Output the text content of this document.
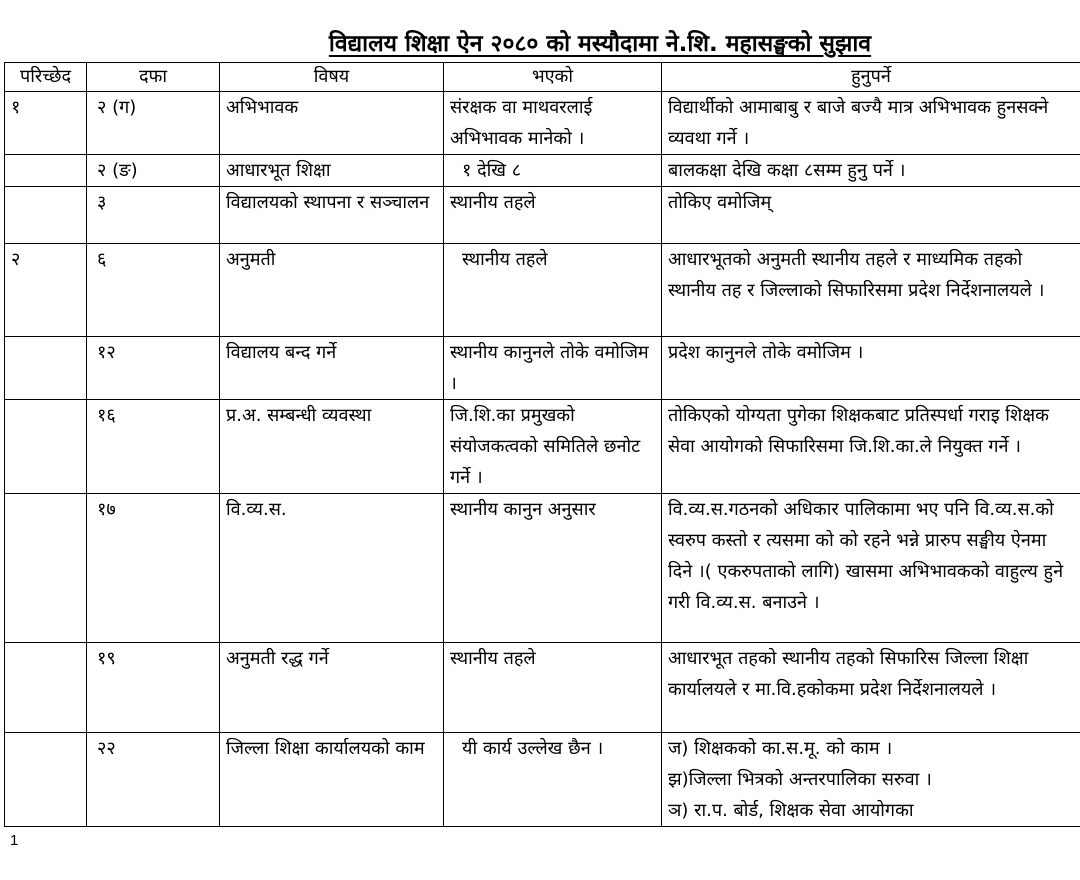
विद्यालय शिक्षा ऐन २०८० को मस्यौदामा ने.शि. महासङ्घको सुझाव
परिच्छेद	दफा	विषय	भएको	हुनुपर्ने
१	२ (ग)	अभिभावक	संरक्षक वा माथवरलाई अभिभावक मानेको ।	विद्यार्थीको आमाबाबु र बाजे बज्यै मात्र अभिभावक हुनसक्ने व्यवथा गर्ने ।
	२ (ङ)	आधारभूत शिक्षा	१ देखि ८	बालकक्षा देखि कक्षा ८सम्म हुनु पर्ने ।
	३	विद्यालयको स्थापना र सञ्चालन	स्थानीय तहले	तोकिए वमोजिम्
२	६	अनुमती	स्थानीय तहले	आधारभूतको अनुमती स्थानीय तहले र माध्यमिक तहको स्थानीय तह र जिल्लाको सिफारिसमा प्रदेश निर्देशनालयले ।
	१२	विद्यालय बन्द गर्ने	स्थानीय कानुनले तोके वमोजिम ।	प्रदेश कानुनले तोके वमोजिम ।
	१६	प्र.अ. सम्बन्धी व्यवस्था	जि.शि.का प्रमुखको संयोजकत्वको समितिले छनोट गर्ने ।	तोकिएको योग्यता पुगेका शिक्षकबाट प्रतिस्पर्धा गराइ शिक्षक सेवा आयोगको सिफारिसमा जि.शि.का.ले नियुक्त गर्ने ।
	१७	वि.व्य.स.	स्थानीय कानुन अनुसार	वि.व्य.स.गठनको अधिकार पालिकामा भए पनि वि.व्य.स.को स्वरुप कस्तो र त्यसमा को को रहने भन्ने प्रारुप सङ्घीय ऐनमा दिने ।( एकरुपताको लागि) खासमा अभिभावकको वाहुल्य हुने गरी वि.व्य.स. बनाउने ।
	१९	अनुमती रद्ध गर्ने	स्थानीय तहले	आधारभूत तहको स्थानीय तहको सिफारिस जिल्ला शिक्षा कार्यालयले र मा.वि.हकोकमा प्रदेश निर्देशनालयले ।
	२२	जिल्ला शिक्षा कार्यालयको काम	यी कार्य उल्लेख छैन ।	ज) शिक्षकको का.स.मू. को काम ।
झ)जिल्ला भित्रको अन्तरपालिका सरुवा ।
ञ) रा.प. बोर्ड, शिक्षक सेवा आयोगका
1
